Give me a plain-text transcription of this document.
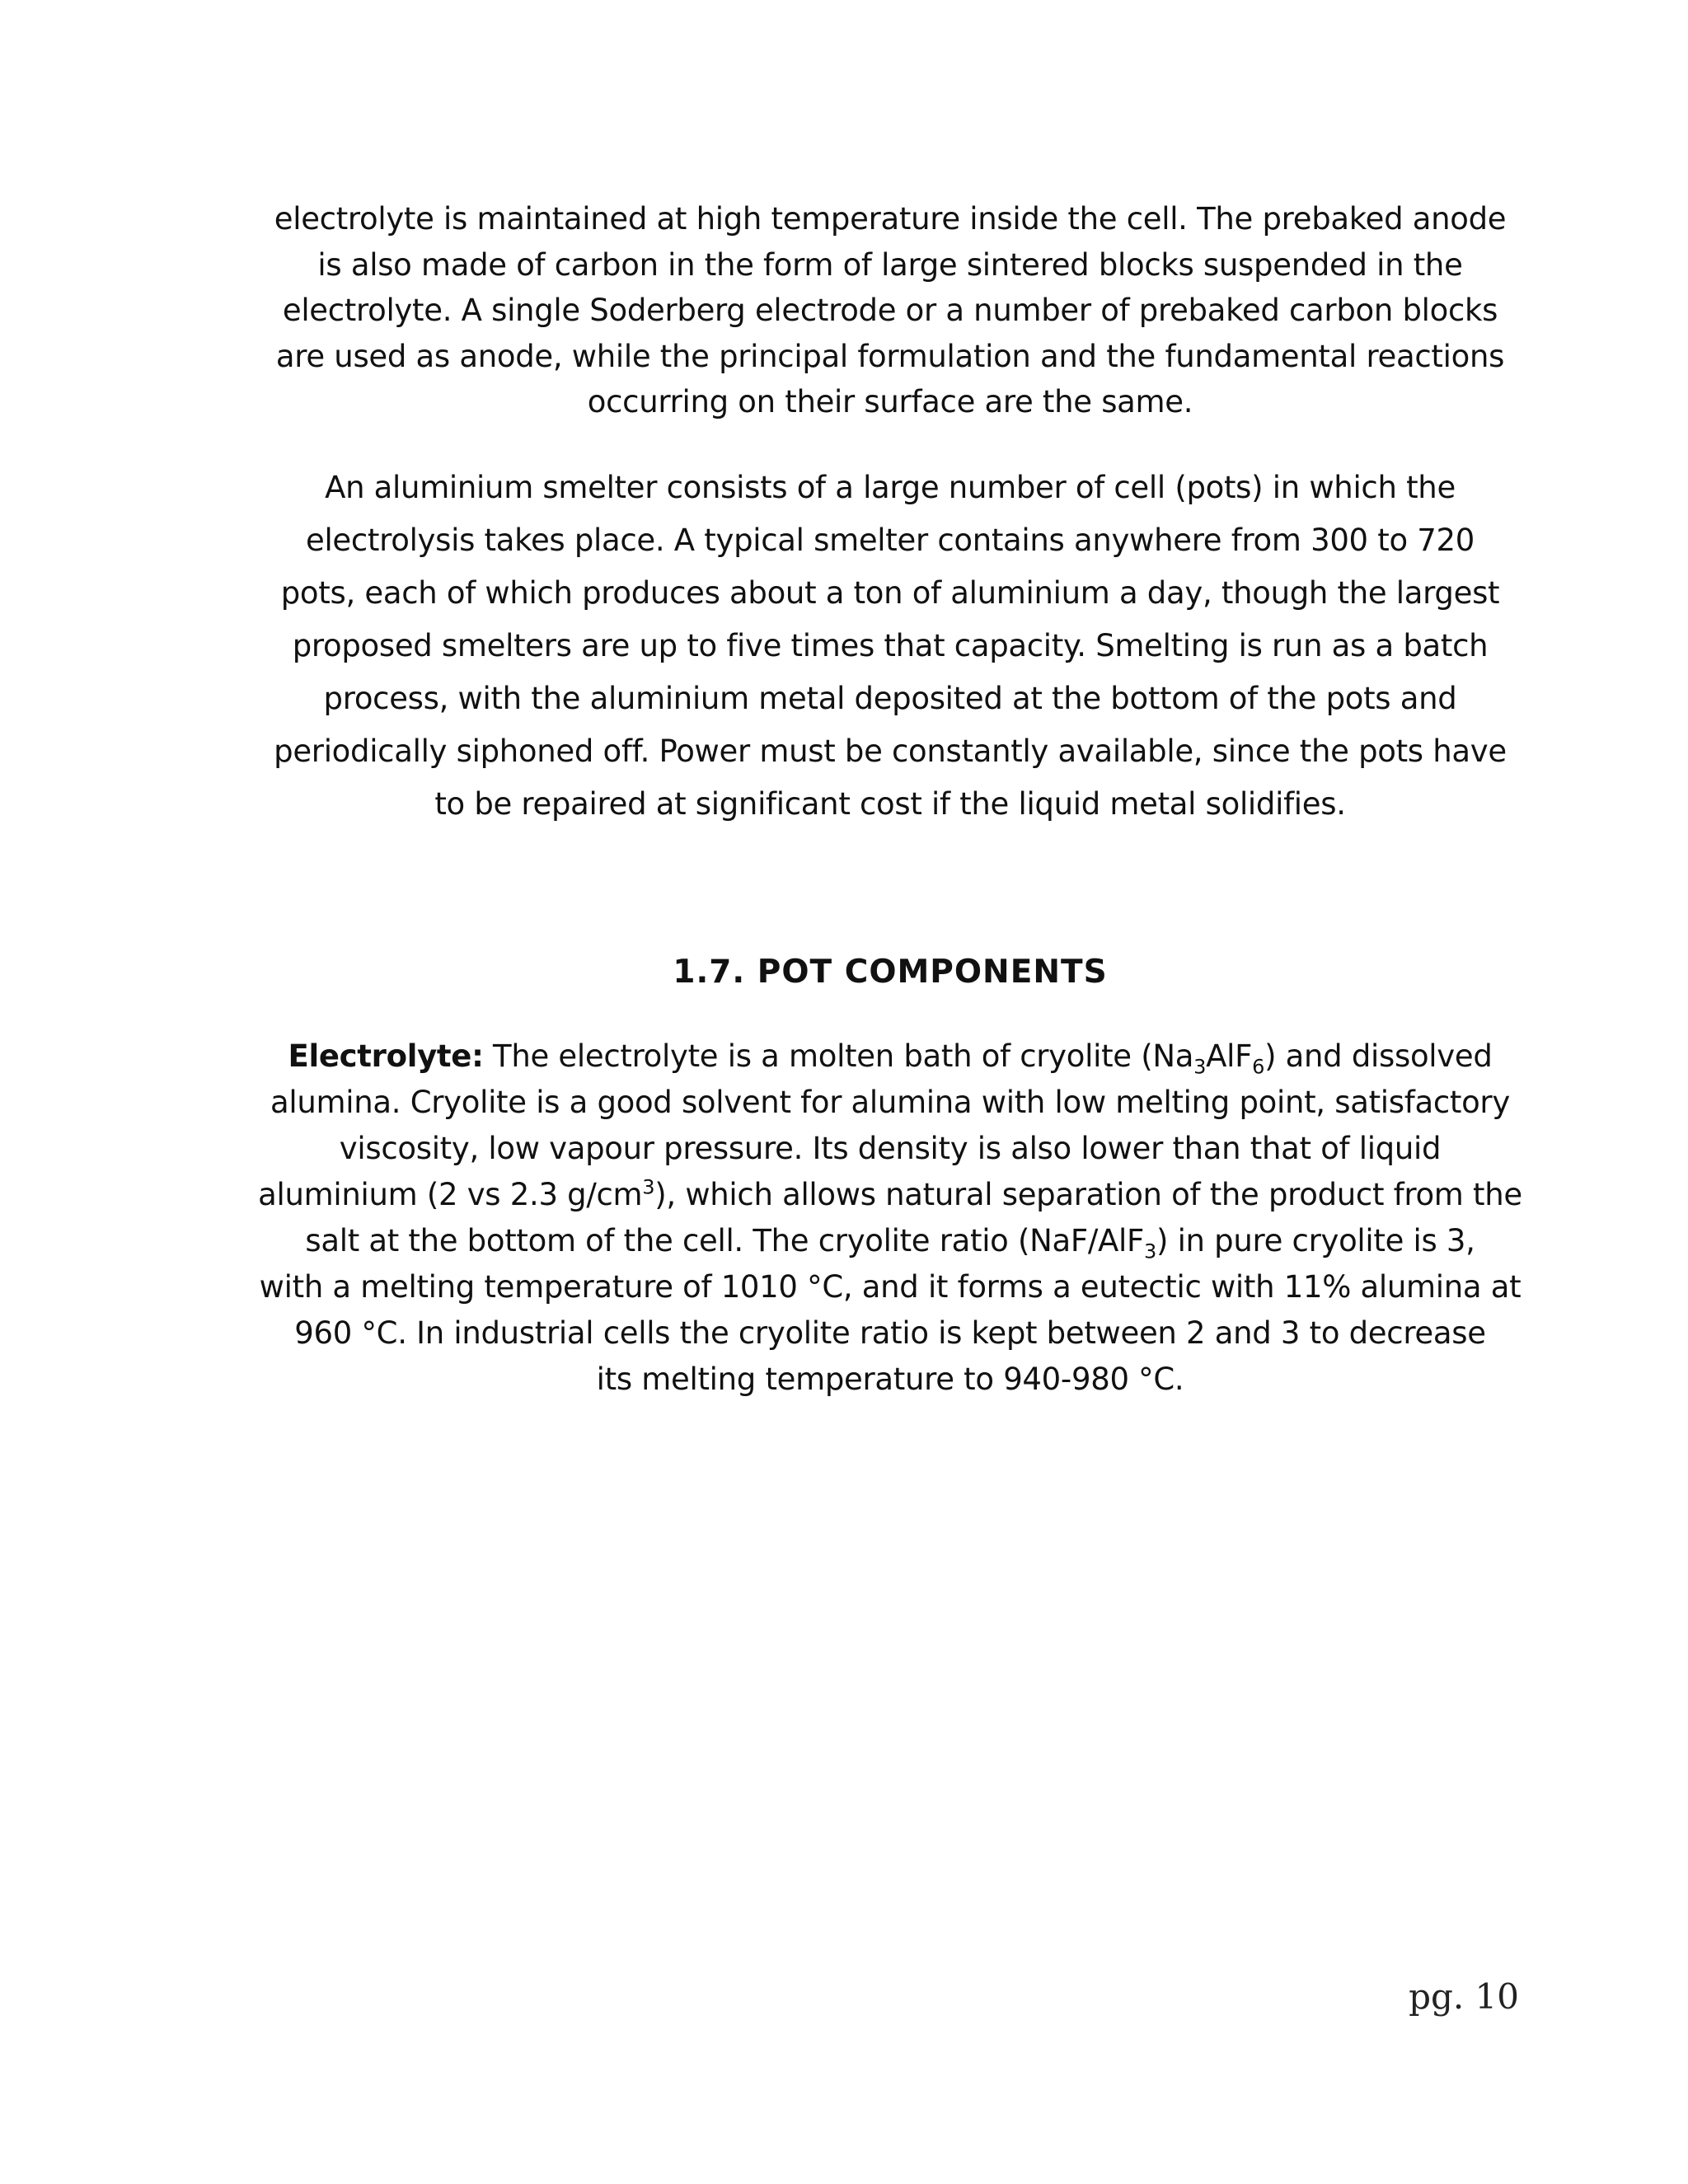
electrolyte is maintained at high temperature inside the cell. The prebaked anode
is also made of carbon in the form of large sintered blocks suspended in the
electrolyte. A single Soderberg electrode or a number of prebaked carbon blocks
are used as anode, while the principal formulation and the fundamental reactions
occurring on their surface are the same.
An aluminium smelter consists of a large number of cell (pots) in which the
electrolysis takes place. A typical smelter contains anywhere from 300 to 720
pots, each of which produces about a ton of aluminium a day, though the largest
proposed smelters are up to five times that capacity. Smelting is run as a batch
process, with the aluminium metal deposited at the bottom of the pots and
periodically siphoned off. Power must be constantly available, since the pots have
to be repaired at significant cost if the liquid metal solidifies.
1.7. POT COMPONENTS
Electrolyte: The electrolyte is a molten bath of cryolite $(Na_3AlF_6)$ and dissolved
alumina. Cryolite is a good solvent for alumina with low melting point, satisfactory
viscosity, low vapour pressure. Its density is also lower than that of liquid
aluminium (2 vs 2.3 $g/cm^3$), which allows natural separation of the product from the
salt at the bottom of the cell. The cryolite ratio (NaF/AlF$_3$) in pure cryolite is 3,
with a melting temperature of 1010 °C, and it forms a eutectic with 11% alumina at
960 °C. In industrial cells the cryolite ratio is kept between 2 and 3 to decrease
its melting temperature to 940-980 °C.
pg. 10
